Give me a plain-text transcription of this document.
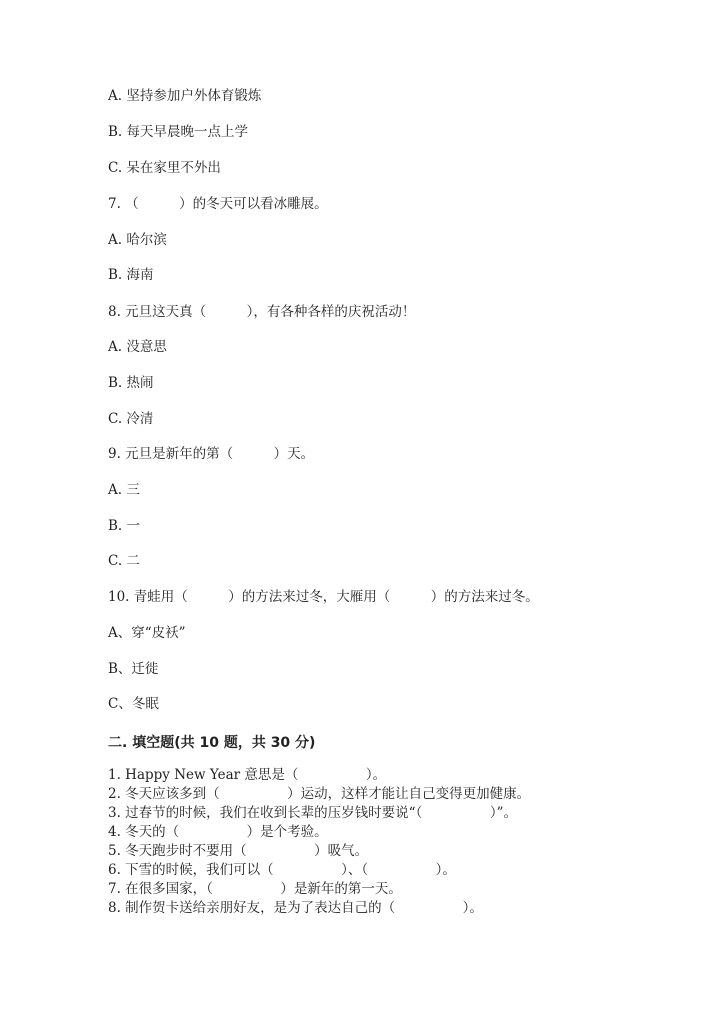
A. 坚持参加户外体育锻炼
B. 每天早晨晚一点上学
C. 呆在家里不外出
7. （　　　）的冬天可以看冰雕展。
A. 哈尔滨
B. 海南
8. 元旦这天真（　　　），有各种各样的庆祝活动！
A. 没意思
B. 热闹
C. 冷清
9. 元旦是新年的第（　　　）天。
A. 三
B. 一
C. 二
10. 青蛙用（　　　）的方法来过冬，大雁用（　　　）的方法来过冬。
A、穿“皮袄”
B、迁徙
C、冬眠
二. 填空题(共 10 题，共 30 分)
1. Happy New Year 意思是（　　　　　）。
2. 冬天应该多到（　　　　　）运动，这样才能让自己变得更加健康。
3. 过春节的时候，我们在收到长辈的压岁钱时要说“（　　　　　）”。
4. 冬天的（　　　　　）是个考验。
5. 冬天跑步时不要用（　　　　　）吸气。
6. 下雪的时候，我们可以（　　　　　）、（　　　　　）。
7. 在很多国家，（　　　　　）是新年的第一天。
8. 制作贺卡送给亲朋好友，是为了表达自己的（　　　　　）。
